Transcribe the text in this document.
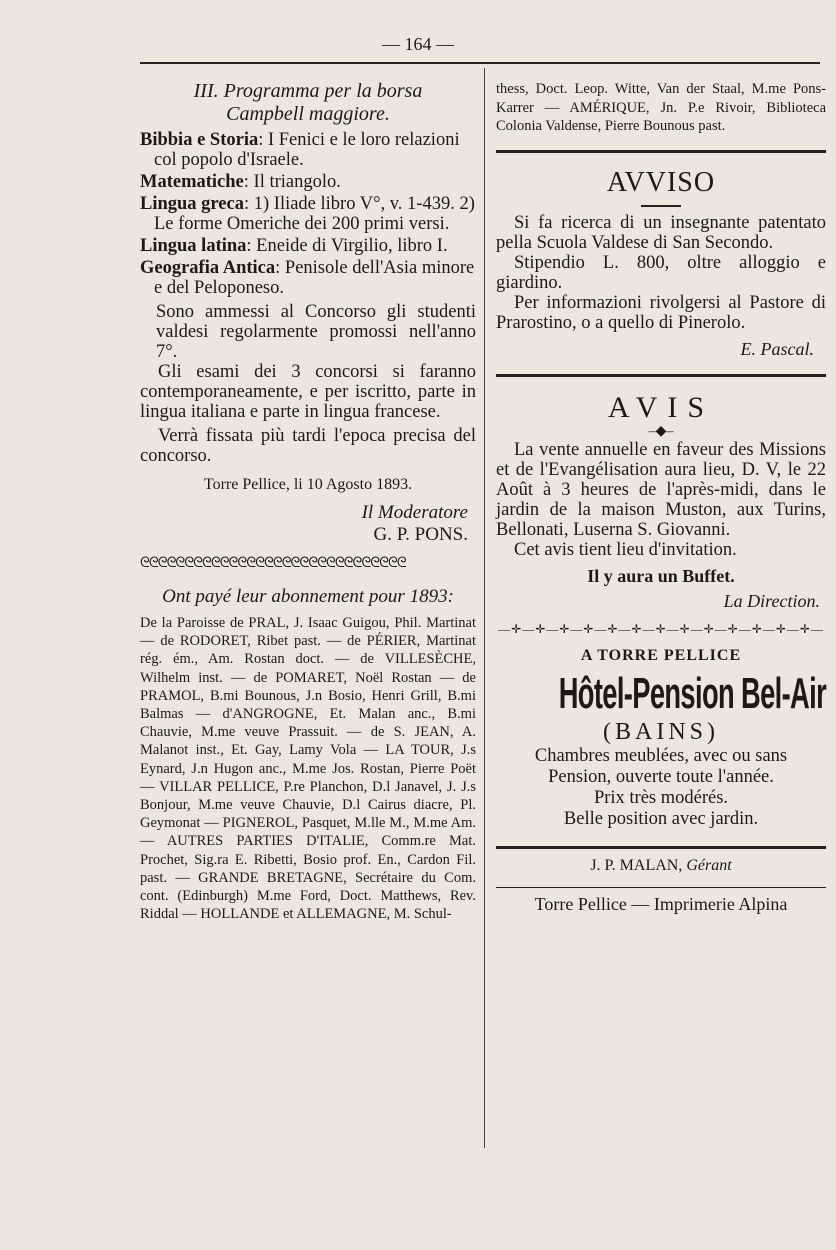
— 164 —

III. Programma per la borsa

Campbell maggiore.

Bibbia e Storia: I Fenici e le loro relazioni col popolo d'Israele.

Matematiche: Il triangolo.

Lingua greca: 1) Iliade libro V°, v. 1-439. 2) Le forme Omeriche dei 200 primi versi.

Lingua latina: Eneide di Virgilio, libro I.

Geografia Antica: Penisole dell'Asia minore e del Peloponeso.

Sono ammessi al Concorso gli studenti valdesi regolarmente promossi nell'anno 7°.

Gli esami dei 3 concorsi si faranno contemporaneamente, e per iscritto, parte in lingua italiana e parte in lingua francese.

Verrà fissata più tardi l'epoca precisa del concorso.

Torre Pellice, li 10 Agosto 1893.

Il Moderatore

G. P. PONS.

ᘓᘓᘓᘓᘓᘓᘓᘓᘓᘓᘓᘓᘓᘓᘓᘓᘓᘓᘓᘓᘓᘓᘓᘓᘓᘓᘓᘓᘓᘓ

Ont payé leur abonnement pour 1893:

De la Paroisse de PRAL, J. Isaac Guigou, Phil. Martinat — de RODORET, Ribet past. — de PÉRIER, Martinat rég. ém., Am. Rostan doct. — de VILLESÈCHE, Wilhelm inst. — de POMARET, Noël Rostan — de PRAMOL, B.mi Bounous, J.n Bosio, Henri Grill, B.mi Balmas — d'ANGROGNE, Et. Malan anc., B.mi Chauvie, M.me veuve Prassuit. — de S. JEAN, A. Malanot inst., Et. Gay, Lamy Vola — LA TOUR, J.s Eynard, J.n Hugon anc., M.me Jos. Rostan, Pierre Poët — VILLAR PELLICE, P.re Planchon, D.l Janavel, J. J.s Bonjour, M.me veuve Chauvie, D.l Cairus diacre, Pl. Geymonat — PIGNEROL, Pasquet, M.lle M., M.me Am. — AUTRES PARTIES D'ITALIE, Comm.re Mat. Prochet, Sig.ra E. Ribetti, Bosio prof. En., Cardon Fil. past. — GRANDE BRETAGNE, Secrétaire du Com. cont. (Edinburgh) M.me Ford, Doct. Matthews, Rev. Riddal — HOLLANDE et ALLEMAGNE, M. Schul-

thess, Doct. Leop. Witte, Van der Staal, M.me Pons-Karrer — AMÉRIQUE, Jn. P.e Rivoir, Biblioteca Colonia Valdense, Pierre Bounous past.

AVVISO

Si fa ricerca di un insegnante patentato pella Scuola Valdese di San Secondo.

Stipendio L. 800, oltre alloggio e giardino.

Per informazioni rivolgersi al Pastore di Prarostino, o a quello di Pinerolo.

E. Pascal.

AVIS

–◆–

La vente annuelle en faveur des Missions et de l'Evangélisation aura lieu, D. V, le 22 Août à 3 heures de l'après-midi, dans le jardin de la maison Muston, aux Turins, Bellonati, Luserna S. Giovanni.

Cet avis tient lieu d'invitation.

Il y aura un Buffet.

La Direction.

—✛—✛—✛—✛—✛—✛—✛—✛—✛—✛—✛—✛—✛—

A TORRE PELLICE

Hôtel-Pension Bel-Air

(BAINS)

Chambres meublées, avec ou sans

Pension, ouverte toute l'année.

Prix très modérés.

Belle position avec jardin.

J. P. MALAN, Gérant

Torre Pellice — Imprimerie Alpina
